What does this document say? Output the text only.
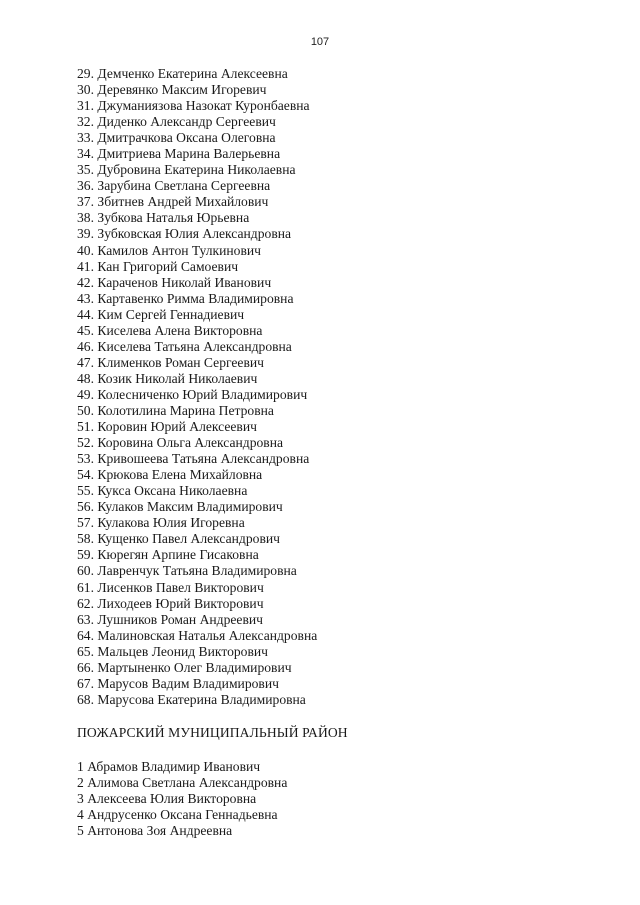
107
29. Демченко Екатерина Алексеевна
30. Деревянко Максим Игоревич
31. Джуманиязова Назокат Куронбаевна
32. Диденко Александр Сергеевич
33. Дмитрачкова Оксана Олеговна
34. Дмитриева Марина Валерьевна
35. Дубровина Екатерина Николаевна
36. Зарубина Светлана Сергеевна
37. Збитнев Андрей Михайлович
38. Зубкова Наталья Юрьевна
39. Зубковская Юлия Александровна
40. Камилов Антон Тулкинович
41. Кан Григорий Самоевич
42. Караченов Николай Иванович
43. Картавенко Римма Владимировна
44. Ким Сергей Геннадиевич
45. Киселева Алена Викторовна
46. Киселева Татьяна Александровна
47. Клименков Роман Сергеевич
48. Козик Николай Николаевич
49. Колесниченко Юрий Владимирович
50. Колотилина Марина Петровна
51. Коровин Юрий Алексеевич
52. Коровина Ольга Александровна
53. Кривошеева Татьяна Александровна
54. Крюкова Елена Михайловна
55. Кукса Оксана Николаевна
56. Кулаков Максим Владимирович
57. Кулакова Юлия Игоревна
58. Кущенко Павел Александрович
59. Кюрегян Арпине Гисаковна
60. Лавренчук Татьяна Владимировна
61. Лисенков Павел Викторович
62. Лиходеев Юрий Викторович
63. Лушников Роман Андреевич
64. Малиновская Наталья Александровна
65. Мальцев Леонид Викторович
66. Мартыненко Олег Владимирович
67. Марусов Вадим Владимирович
68. Марусова Екатерина Владимировна
ПОЖАРСКИЙ МУНИЦИПАЛЬНЫЙ РАЙОН
1 Абрамов Владимир Иванович
2 Алимова Светлана Александровна
3 Алексеева Юлия Викторовна
4 Андрусенко Оксана Геннадьевна
5 Антонова Зоя Андреевна
